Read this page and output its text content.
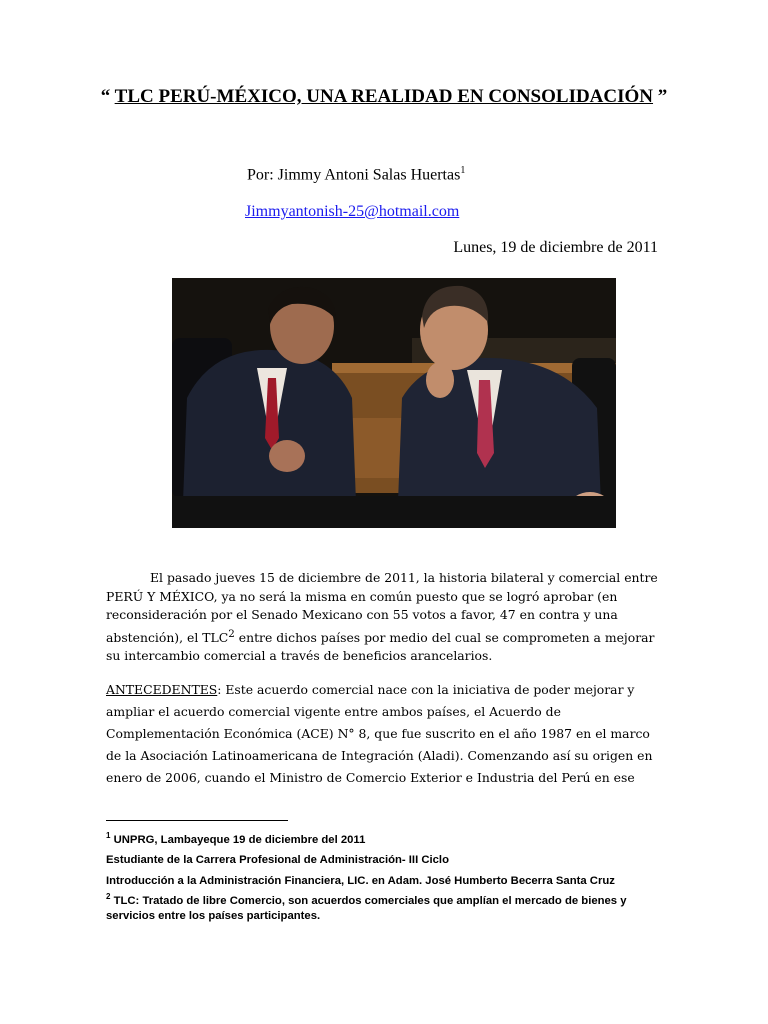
“ TLC PERÚ-MÉXICO, UNA REALIDAD EN CONSOLIDACIÓN ”
Por: Jimmy Antoni Salas Huertas$^1$
Jimmyantonish-25@hotmail.com
Lunes, 19 de diciembre de 2011
El pasado jueves 15 de diciembre de 2011, la historia bilateral y comercial entre PERÚ Y MÉXICO, ya no será la misma en común puesto que se logró aprobar (en reconsideración por el Senado Mexicano con 55 votos a favor, 47 en contra y una abstención), el TLC$^2$ entre dichos países por medio del cual se comprometen a mejorar su intercambio comercial a través de beneficios arancelarios.
ANTECEDENTES: Este acuerdo comercial nace con la iniciativa de poder mejorar y ampliar el acuerdo comercial vigente entre ambos países, el Acuerdo de Complementación Económica (ACE) N° 8, que fue suscrito en el año 1987 en el marco de la Asociación Latinoamericana de Integración (Aladi). Comenzando así su origen en enero de 2006, cuando el Ministro de Comercio Exterior e Industria del Perú en ese
$^1$ UNPRG, Lambayeque 19 de diciembre del 2011
Estudiante de la Carrera Profesional de Administración- III Ciclo
Introducción a la Administración Financiera, LIC. en Adam. José Humberto Becerra Santa Cruz
$^2$ TLC: Tratado de libre Comercio, son acuerdos comerciales que amplían el mercado de bienes y servicios entre los países participantes.
